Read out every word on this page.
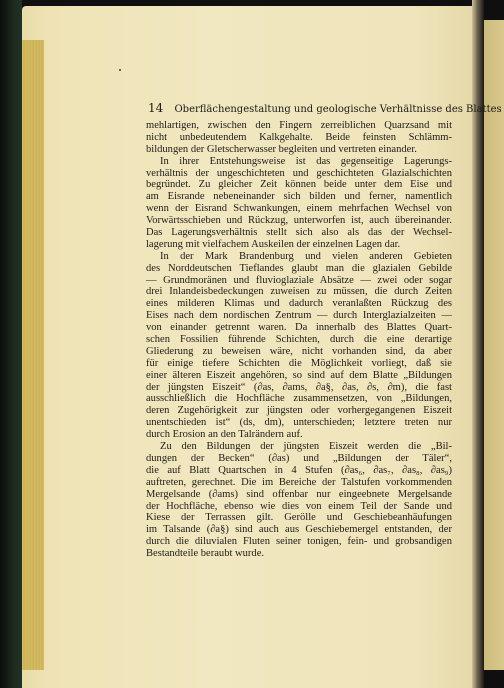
14 Oberflächengestaltung und geologische Verhältnisse des Blattes
mehlartigen, zwischen den Fingern zerreiblichen Quarzsand mit
nicht unbedeutendem Kalkgehalte. Beide feinsten Schlämm-
bildungen der Gletscherwasser begleiten und vertreten einander.
In ihrer Entstehungsweise ist das gegenseitige Lagerungs-
verhältnis der ungeschichteten und geschichteten Glazialschichten
begründet. Zu gleicher Zeit können beide unter dem Eise und
am Eisrande nebeneinander sich bilden und ferner, namentlich
wenn der Eisrand Schwankungen, einem mehrfachen Wechsel von
Vorwärtsschieben und Rückzug, unterworfen ist, auch übereinander.
Das Lagerungsverhältnis stellt sich also als das der Wechsel-
lagerung mit vielfachem Auskeilen der einzelnen Lagen dar.
In der Mark Brandenburg und vielen anderen Gebieten
des Norddeutschen Tieflandes glaubt man die glazialen Gebilde
— Grundmoränen und fluvioglaziale Absätze — zwei oder sogar
drei Inlandeisbedeckungen zuweisen zu müssen, die durch Zeiten
eines milderen Klimas und dadurch veranlaßten Rückzug des
Eises nach dem nordischen Zentrum — durch Interglazialzeiten —
von einander getrennt waren. Da innerhalb des Blattes Quart-
schen Fossilien führende Schichten, durch die eine derartige
Gliederung zu beweisen wäre, nicht vorhanden sind, da aber
für einige tiefere Schichten die Möglichkeit vorliegt, daß sie
einer älteren Eiszeit angehören, so sind auf dem Blatte „Bildungen
der jüngsten Eiszeit“ (∂as, ∂ams, ∂a§, ∂as, ∂s, ∂m), die fast
ausschließlich die Hochfläche zusammensetzen, von „Bildungen,
deren Zugehörigkeit zur jüngsten oder vorhergegangenen Eiszeit
unentschieden ist“ (ds, dm), unterschieden; letztere treten nur
durch Erosion an den Talrändern auf.
Zu den Bildungen der jüngsten Eiszeit werden die „Bil-
dungen der Becken“ (∂as) und „Bildungen der Täler“,
die auf Blatt Quartschen in 4 Stufen (∂as₆, ∂as₇, ∂as₈, ∂as₉)
auftreten, gerechnet. Die im Bereiche der Talstufen vorkommenden
Mergelsande (∂ams) sind offenbar nur eingeebnete Mergelsande
der Hochfläche, ebenso wie dies von einem Teil der Sande und
Kiese der Terrassen gilt. Gerölle und Geschiebeanhäufungen
im Talsande (∂a§) sind auch aus Geschiebemergel entstanden, der
durch die diluvialen Fluten seiner tonigen, fein- und grobsandigen
Bestandteile beraubt wurde.
